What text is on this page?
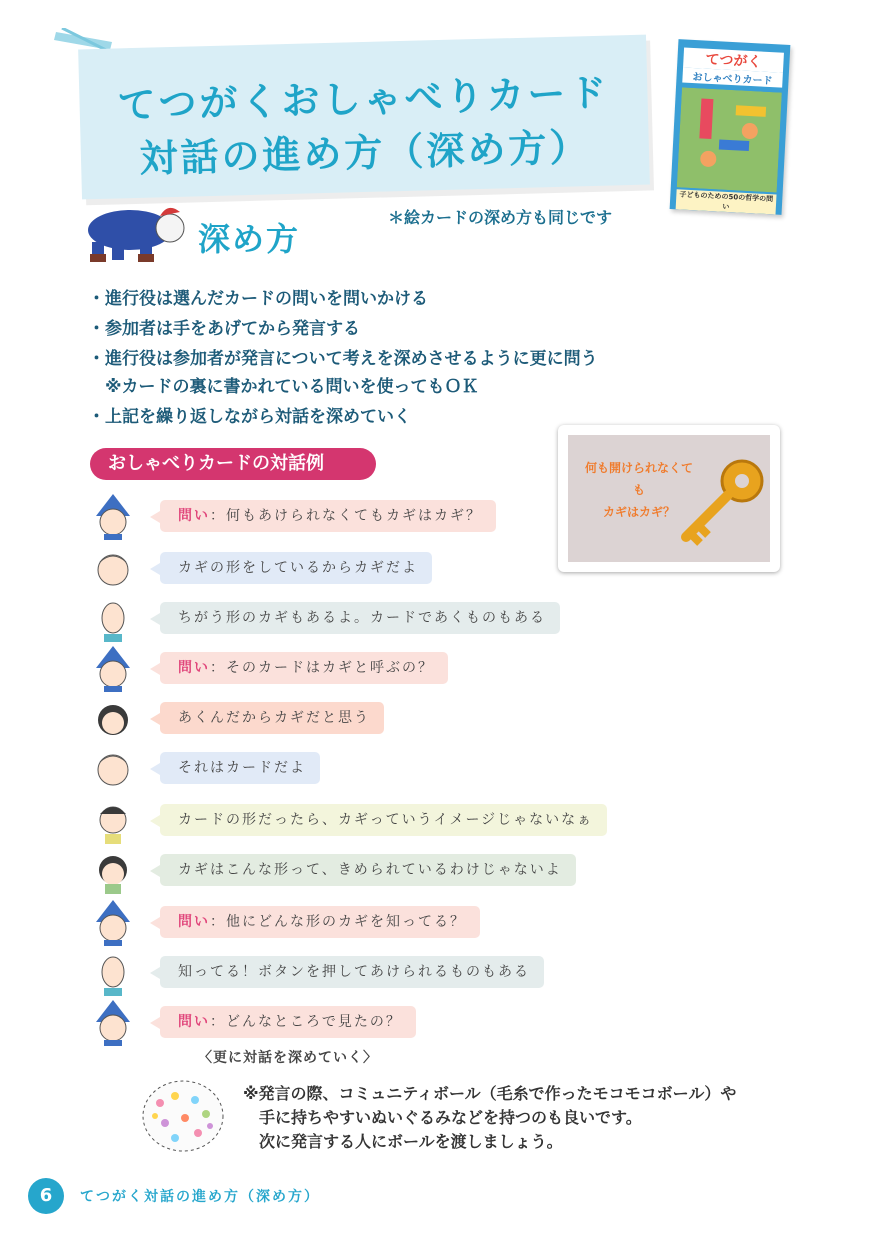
てつがくおしゃべりカード
対話の進め方（深め方）
てつがく
おしゃべりカード
子どものための50の哲学の問い
深め方
＊絵カードの深め方も同じです
・進行役は選んだカードの問いを問いかける
・参加者は手をあげてから発言する
・進行役は参加者が発言について考えを深めさせるように更に問う
　※カードの裏に書かれている問いを使ってもＯＫ
・上記を繰り返しながら対話を深めていく
おしゃべりカードの対話例	何も開けられなくても
カギはカギ？
問い：何もあけられなくてもカギはカギ？
カギの形をしているからカギだよ
ちがう形のカギもあるよ。カードであくものもある
問い：そのカードはカギと呼ぶの？
あくんだからカギだと思う
それはカードだよ
カードの形だったら、カギっていうイメージじゃないなぁ
カギはこんな形って、きめられているわけじゃないよ
問い：他にどんな形のカギを知ってる？
知ってる！ボタンを押してあけられるものもある
問い：どんなところで見たの？
〈更に対話を深めていく〉
※発言の際、コミュニティボール（毛糸で作ったモコモコボール）や
手に持ちやすいぬいぐるみなどを持つのも良いです。
次に発言する人にボールを渡しましょう。
6	てつがく対話の進め方（深め方）
